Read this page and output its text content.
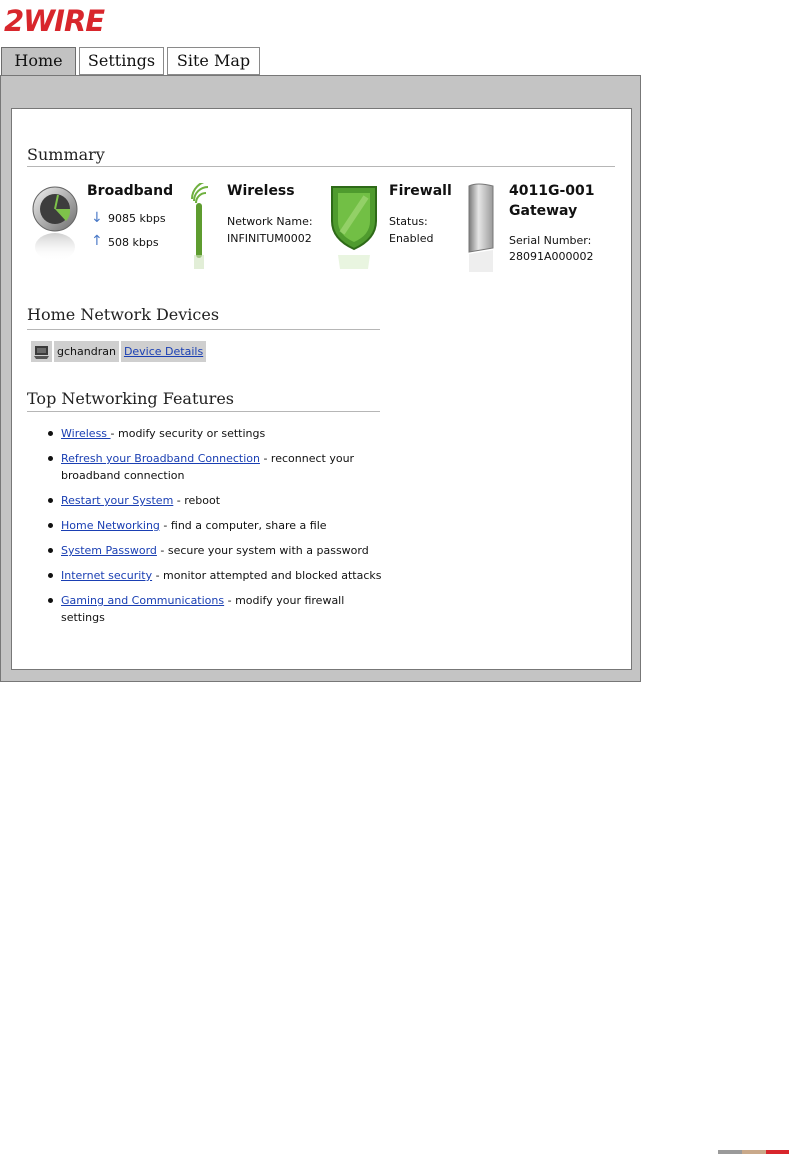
2WIRE
Home	Settings	Site Map
Summary
Broadband
↓ 9085 kbps
↑ 508 kbps
Wireless
Network Name:
INFINITUM0002
Firewall
Status:
Enabled
4011G-001
Gateway
Serial Number:
28091A000002
Home Network Devices
gchandran Device Details
Top Networking Features
Wireless - modify security or settings
Refresh your Broadband Connection - reconnect your broadband connection
Restart your System - reboot
Home Networking - find a computer, share a file
System Password - secure your system with a password
Internet security - monitor attempted and blocked attacks
Gaming and Communications - modify your firewall settings
